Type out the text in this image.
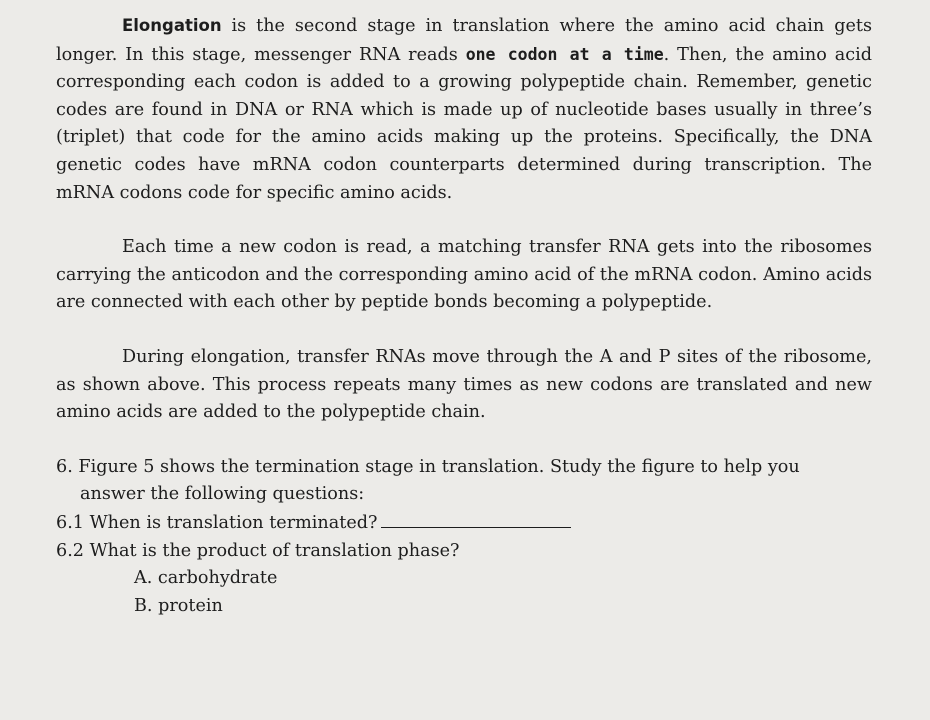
Elongation is the second stage in translation where the amino acid chain gets longer. In this stage, messenger RNA reads one codon at a time. Then, the amino acid corresponding each codon is added to a growing polypeptide chain. Remember, genetic codes are found in DNA or RNA which is made up of nucleotide bases usually in three’s (triplet) that code for the amino acids making up the proteins. Specifically, the DNA genetic codes have mRNA codon counterparts determined during transcription. The mRNA codons code for specific amino acids.

Each time a new codon is read, a matching transfer RNA gets into the ribosomes carrying the anticodon and the corresponding amino acid of the mRNA codon. Amino acids are connected with each other by peptide bonds becoming a polypeptide.

During elongation, transfer RNAs move through the A and P sites of the ribosome, as shown above. This process repeats many times as new codons are translated and new amino acids are added to the polypeptide chain.

6. Figure 5 shows the termination stage in translation. Study the figure to help you

answer the following questions:

6.1 When is translation terminated?

6.2 What is the product of translation phase?

A. carbohydrate

B. protein
